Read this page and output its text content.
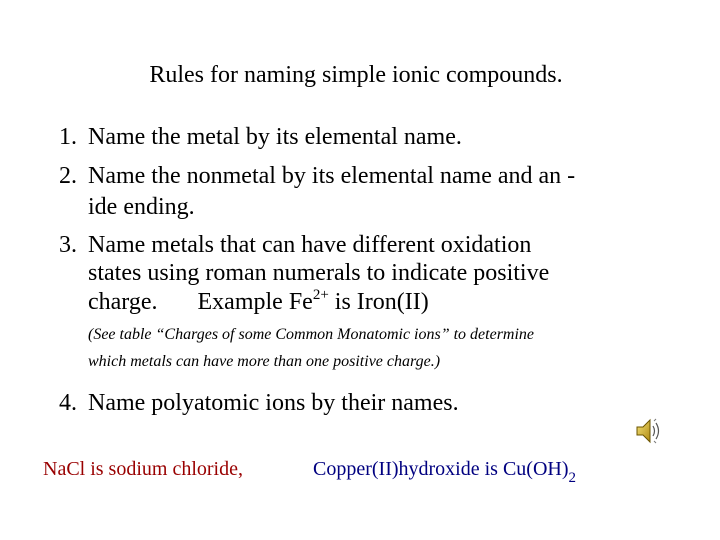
Rules for naming simple ionic compounds.
1. Name the metal by its elemental name.
2. Name the nonmetal by its elemental name and an -
ide ending.
3. Name metals that can have different oxidation
states using roman numerals to indicate positive
charge. Example $Fe^{2+}$ is Iron(II)
(See table “Charges of some Common Monatomic ions” to determine
which metals can have more than one positive charge.)
4. Name polyatomic ions by their names.
NaCl is sodium chloride,	Copper(II)hydroxide is $Cu(OH)_2$
